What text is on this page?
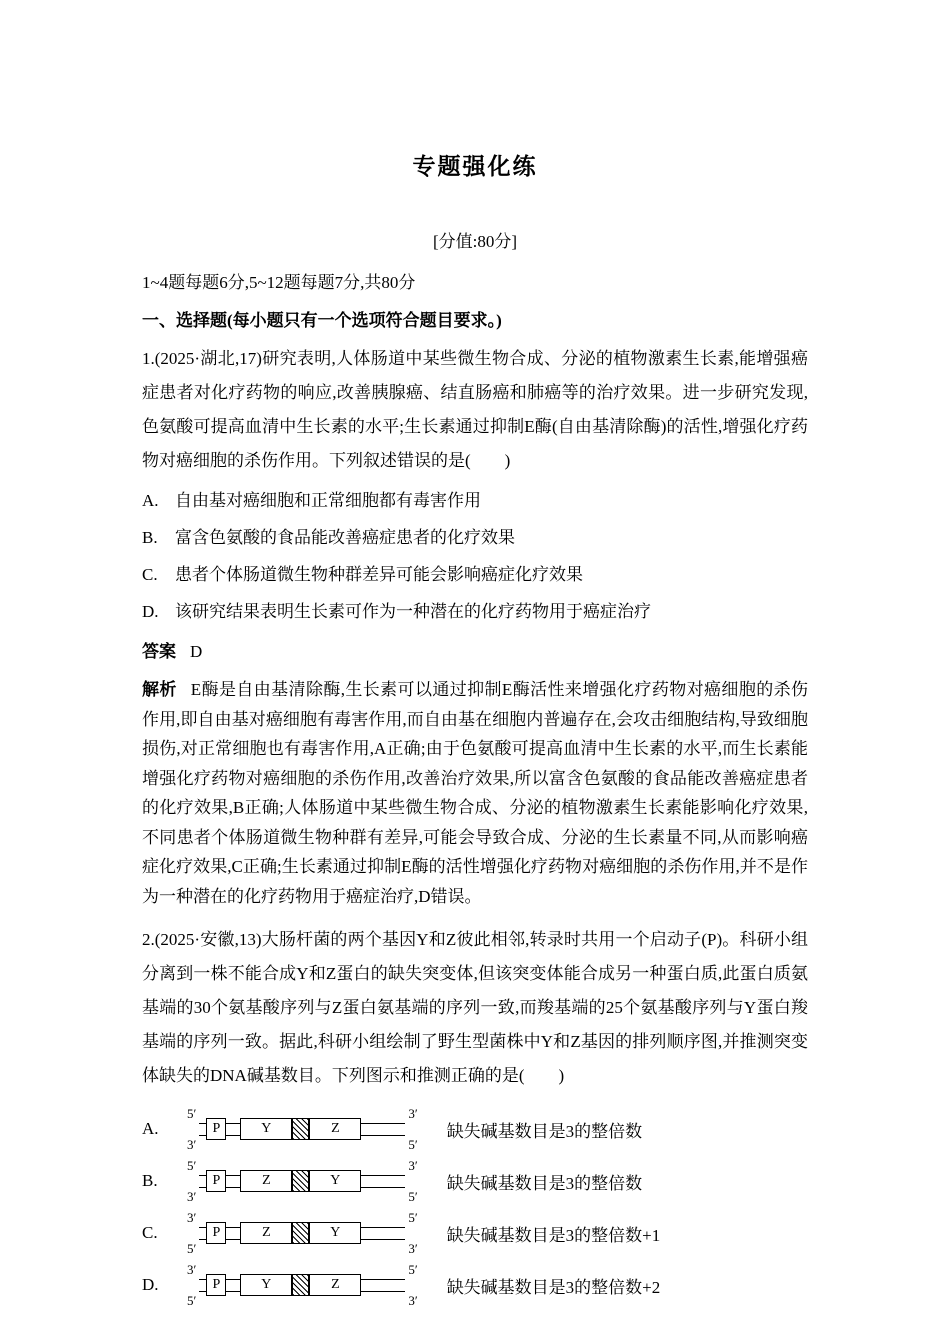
专题强化练

[分值:80分]

1~4题每题6分,5~12题每题7分,共80分

一、选择题(每小题只有一个选项符合题目要求。)

1.(2025·湖北,17)研究表明,人体肠道中某些微生物合成、分泌的植物激素生长素,能增强癌症患者对化疗药物的响应,改善胰腺癌、结直肠癌和肺癌等的治疗效果。进一步研究发现,色氨酸可提高血清中生长素的水平;生长素通过抑制E酶(自由基清除酶)的活性,增强化疗药物对癌细胞的杀伤作用。下列叙述错误的是(　　)

A. 自由基对癌细胞和正常细胞都有毒害作用

B. 富含色氨酸的食品能改善癌症患者的化疗效果

C. 患者个体肠道微生物种群差异可能会影响癌症化疗效果

D. 该研究结果表明生长素可作为一种潜在的化疗药物用于癌症治疗

答案 D

解析 E酶是自由基清除酶,生长素可以通过抑制E酶活性来增强化疗药物对癌细胞的杀伤作用,即自由基对癌细胞有毒害作用,而自由基在细胞内普遍存在,会攻击细胞结构,导致细胞损伤,对正常细胞也有毒害作用,A正确;由于色氨酸可提高血清中生长素的水平,而生长素能增强化疗药物对癌细胞的杀伤作用,改善治疗效果,所以富含色氨酸的食品能改善癌症患者的化疗效果,B正确;人体肠道中某些微生物合成、分泌的植物激素生长素能影响化疗效果,不同患者个体肠道微生物种群有差异,可能会导致合成、分泌的生长素量不同,从而影响癌症化疗效果,C正确;生长素通过抑制E酶的活性增强化疗药物对癌细胞的杀伤作用,并不是作为一种潜在的化疗药物用于癌症治疗,D错误。

2.(2025·安徽,13)大肠杆菌的两个基因Y和Z彼此相邻,转录时共用一个启动子(P)。科研小组分离到一株不能合成Y和Z蛋白的缺失突变体,但该突变体能合成另一种蛋白质,此蛋白质氨基端的30个氨基酸序列与Z蛋白氨基端的序列一致,而羧基端的25个氨基酸序列与Y蛋白羧基端的序列一致。据此,科研小组绘制了野生型菌株中Y和Z基因的排列顺序图,并推测突变体缺失的DNA碱基数目。下列图示和推测正确的是(　　)

A.
5′
3′
P	Y	Z
3′
5′
缺失碱基数目是3的整倍数
B.
5′
3′
P	Z	Y
3′
5′
缺失碱基数目是3的整倍数
C.
3′
5′
P	Z	Y
5′
3′
缺失碱基数目是3的整倍数+1
D.
3′
5′
P	Y	Z
5′
3′
缺失碱基数目是3的整倍数+2
